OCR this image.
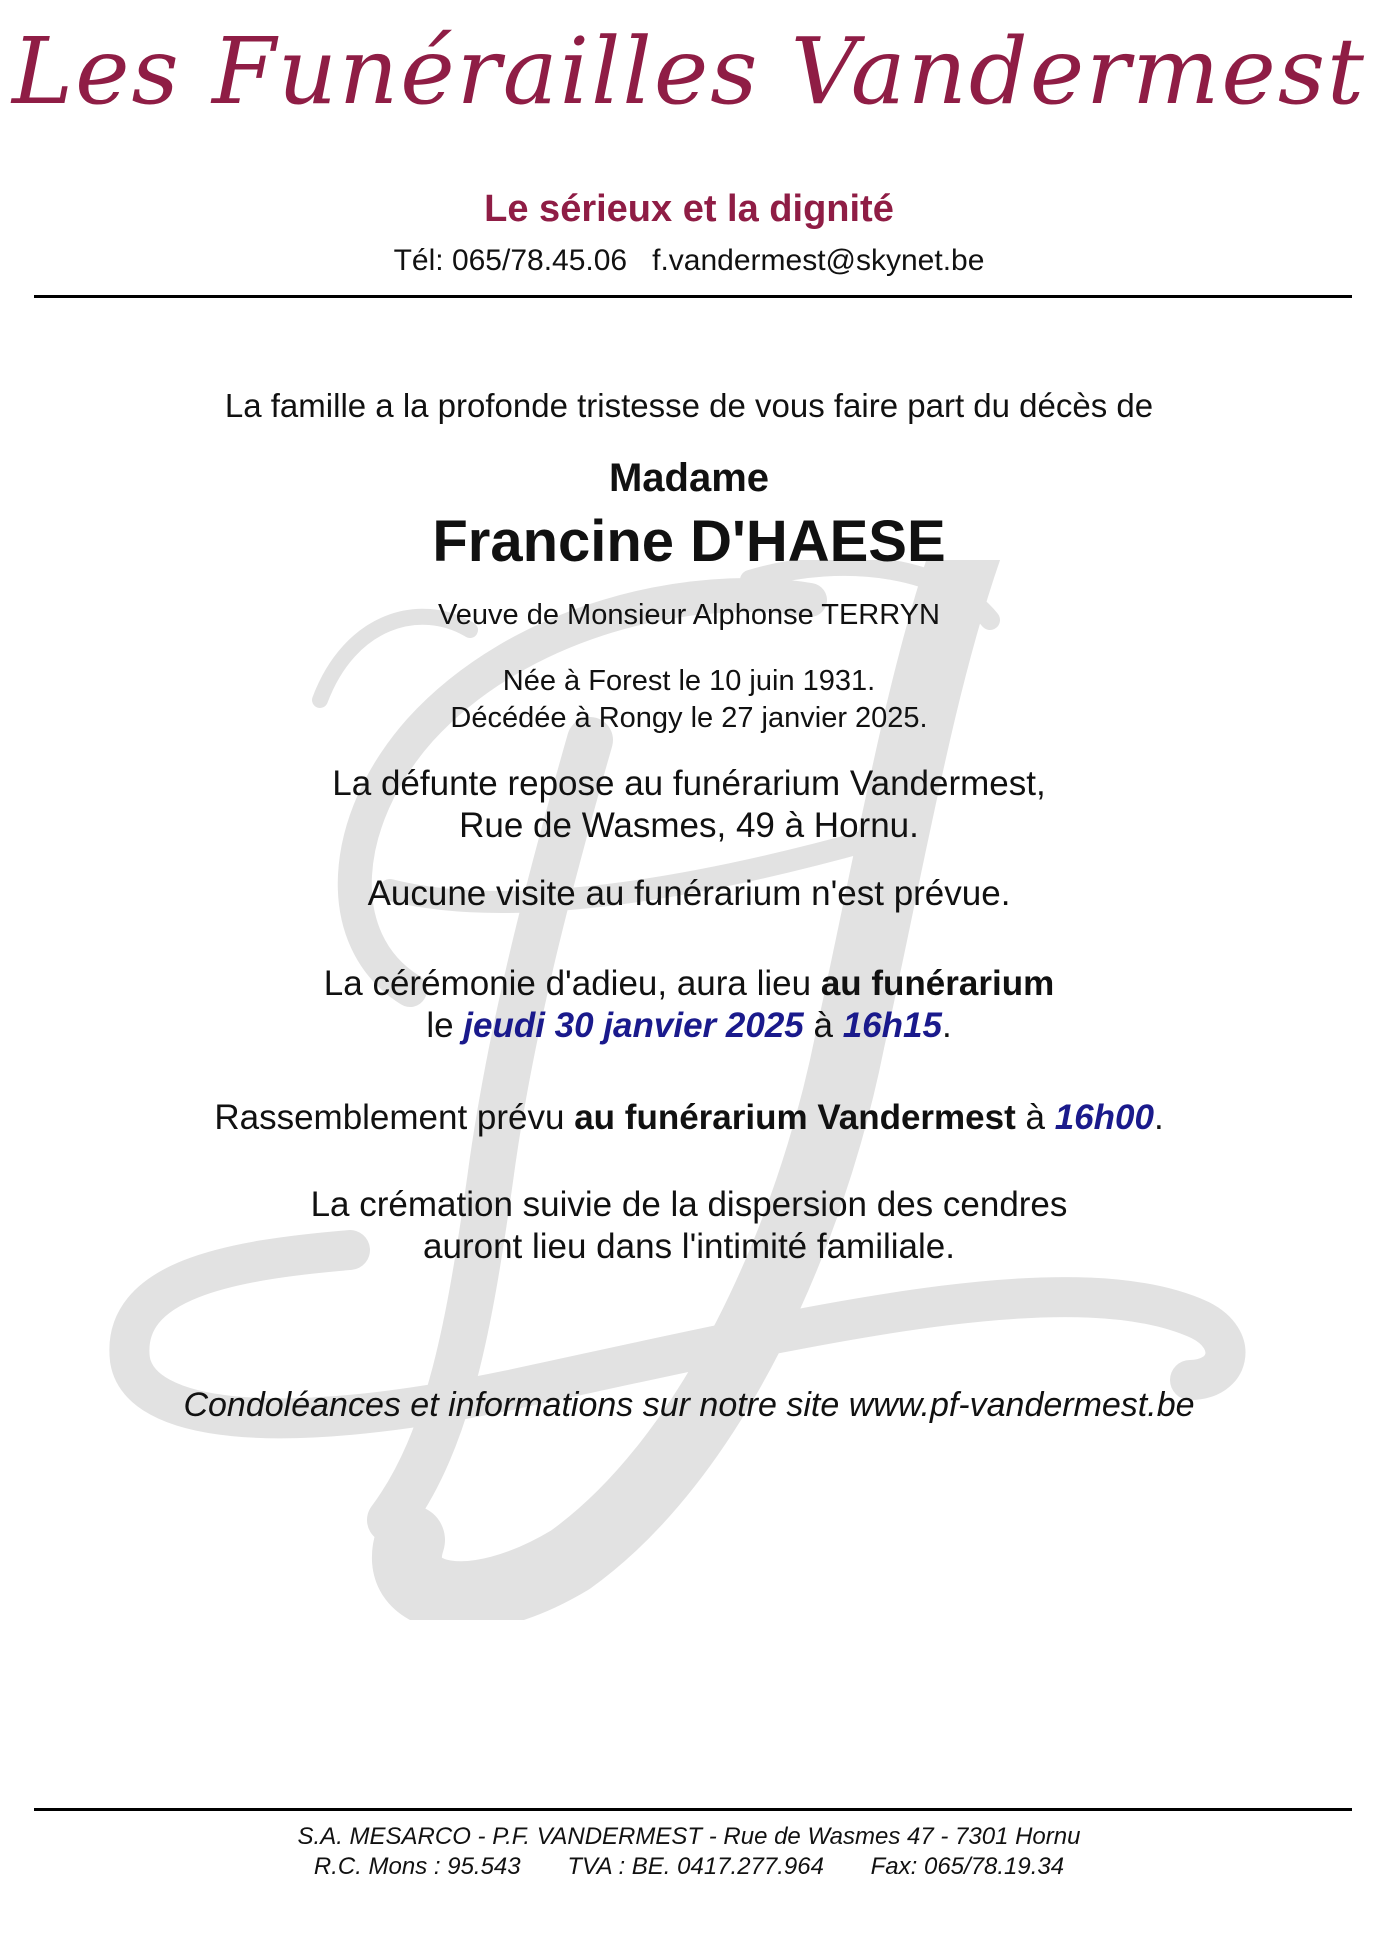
Les Funérailles Vandermest
Le sérieux et la dignité
Tél: 065/78.45.06 f.vandermest@skynet.be
La famille a la profonde tristesse de vous faire part du décès de
Madame
Francine D'HAESE
Veuve de Monsieur Alphonse TERRYN
Née à Forest le 10 juin 1931.
Décédée à Rongy le 27 janvier 2025.
La défunte repose au funérarium Vandermest,
Rue de Wasmes, 49 à Hornu.
Aucune visite au funérarium n'est prévue.
La cérémonie d'adieu, aura lieu au funérarium
le jeudi 30 janvier 2025 à 16h15.
Rassemblement prévu au funérarium Vandermest à 16h00.
La crémation suivie de la dispersion des cendres
auront lieu dans l'intimité familiale.
Condoléances et informations sur notre site www.pf-vandermest.be
S.A. MESARCO - P.F. VANDERMEST - Rue de Wasmes 47 - 7301 Hornu
R.C. Mons : 95.543 TVA : BE. 0417.277.964 Fax: 065/78.19.34
